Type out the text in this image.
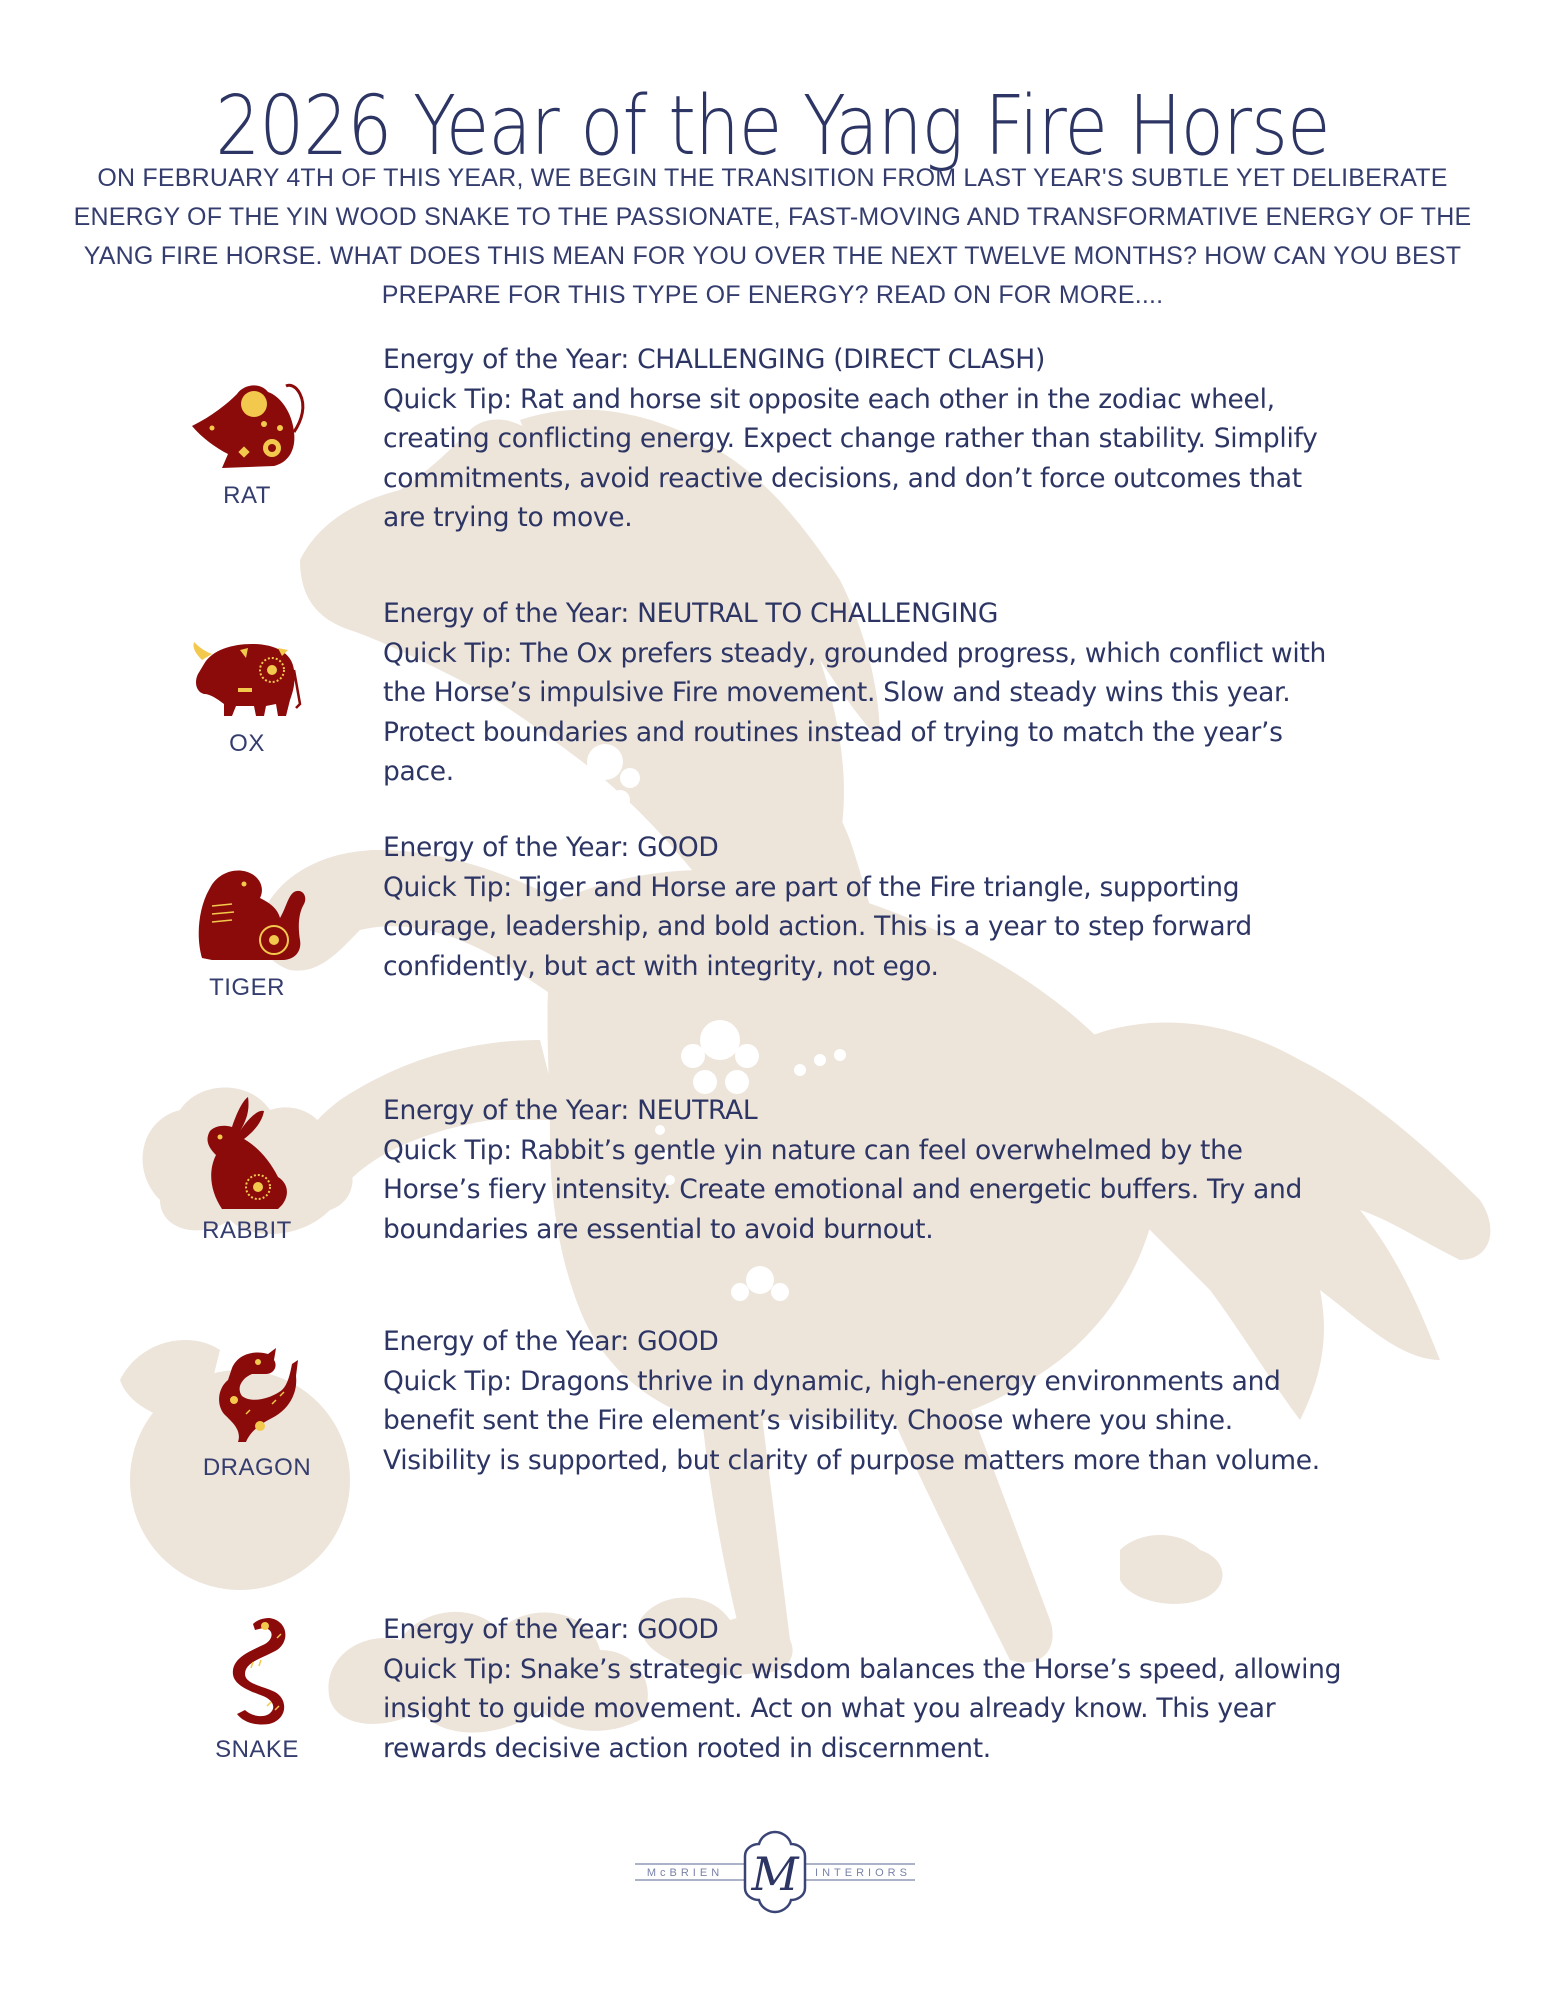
2026 Year of the Yang Fire Horse

ON FEBRUARY 4TH OF THIS YEAR, WE BEGIN THE TRANSITION FROM LAST YEAR'S SUBTLE YET DELIBERATE ENERGY OF THE YIN WOOD SNAKE TO THE PASSIONATE, FAST-MOVING AND TRANSFORMATIVE ENERGY OF THE YANG FIRE HORSE. WHAT DOES THIS MEAN FOR YOU OVER THE NEXT TWELVE MONTHS? HOW CAN YOU BEST PREPARE FOR THIS TYPE OF ENERGY? READ ON FOR MORE....

RAT

Energy of the Year: CHALLENGING (DIRECT CLASH)

Quick Tip: Rat and horse sit opposite each other in the zodiac wheel, creating conflicting energy. Expect change rather than stability. Simplify commitments, avoid reactive decisions, and don’t force outcomes that are trying to move.

OX

Energy of the Year: NEUTRAL TO CHALLENGING

Quick Tip: The Ox prefers steady, grounded progress, which conflict with the Horse’s impulsive Fire movement. Slow and steady wins this year. Protect boundaries and routines instead of trying to match the year’s pace.

TIGER

Energy of the Year: GOOD

Quick Tip: Tiger and Horse are part of the Fire triangle, supporting courage, leadership, and bold action. This is a year to step forward confidently, but act with integrity, not ego.

RABBIT

Energy of the Year: NEUTRAL

Quick Tip: Rabbit’s gentle yin nature can feel overwhelmed by the Horse’s fiery intensity. Create emotional and energetic buffers. Try and boundaries are essential to avoid burnout.

DRAGON

Energy of the Year: GOOD

Quick Tip: Dragons thrive in dynamic, high-energy environments and benefit sent the Fire element’s visibility. Choose where you shine. Visibility is supported, but clarity of purpose matters more than volume.

SNAKE

Energy of the Year: GOOD

Quick Tip: Snake’s strategic wisdom balances the Horse’s speed, allowing insight to guide movement. Act on what you already know. This year rewards decisive action rooted in discernment.

M
McBRIEN	INTERIORS
